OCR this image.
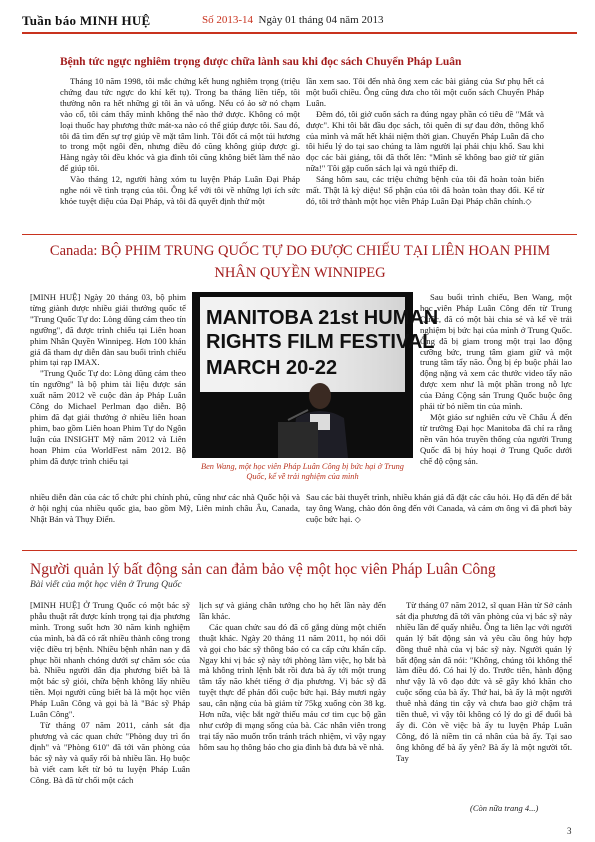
Tuần báo MINH HUỆ	Số 2013-14 Ngày 01 tháng 04 năm 2013
Bệnh tức ngực nghiêm trọng được chữa lành sau khi đọc sách Chuyển Pháp Luân

Tháng 10 năm 1998, tôi mắc chứng kết hung nghiêm trọng (triệu chứng đau tức ngực do khí kết tụ). Trong ba tháng liền tiếp, tôi thường nôn ra hết những gì tôi ăn và uống. Nếu có ảo sờ nó chạm vào cổ, tôi cảm thấy mình không thể nào thở được. Không có một loại thuốc hay phương thức mát-xa nào có thể giúp được tôi. Sau đó, tôi đã tìm đến sự trợ giúp về mặt tâm linh. Tôi đốt cả một túi hương to trong một ngôi đền, nhưng điều đó cũng không giúp được gì. Hàng ngày tôi đều khóc và gia đình tôi cũng không biết làm thế nào để giúp tôi.

Vào tháng 12, người hàng xóm tu luyện Pháp Luân Đại Pháp nghe nói về tình trạng của tôi. Ông kể với tôi về những lợi ích sức khỏe tuyệt diệu của Đại Pháp, và tôi đã quyết định thử một

lần xem sao. Tôi đến nhà ông xem các bài giảng của Sư phụ hết cả một buổi chiều. Ông cũng đưa cho tôi một cuốn sách Chuyển Pháp Luân.

Đêm đó, tôi giở cuốn sách ra đúng ngay phần có tiêu đề "Mất và được". Khi tôi bắt đầu đọc sách, tôi quên đi sự đau đớn, thông khổ của mình và mất hết khái niệm thời gian. Chuyển Pháp Luân đã cho tôi hiểu lý do tại sao chúng ta làm người lại phải chịu khổ. Sau khi đọc các bài giảng, tôi đã thốt lên: "Mình sẽ không bao giờ từ giãn nữa!" Tôi gặp cuốn sách lại và ngủ thiếp đi.

Sáng hôm sau, các triệu chứng bệnh của tôi đã hoàn toàn biến mất. Thật là kỳ diệu! Sổ phận của tôi đã hoàn toàn thay đổi. Kể từ đó, tôi trở thành một học viên Pháp Luân Đại Pháp chân chính.◇

Canada: BỘ PHIM TRUNG QUỐC TỰ DO ĐƯỢC CHIẾU TẠI LIÊN HOAN PHIM NHÂN QUYỀN WINNIPEG

[MINH HUỆ] Ngày 20 tháng 03, bộ phim từng giành được nhiều giải thưởng quốc tế "Trung Quốc Tự do: Lòng dũng cảm theo tín ngưỡng", đã được trình chiếu tại Liên hoan phim Nhân Quyền Winnipeg. Hơn 100 khán giả đã tham dự diễn đàn sau buổi trình chiếu phim tại rạp IMAX.

"Trung Quốc Tự do: Lòng dũng cảm theo tín ngưỡng" là bộ phim tài liệu được sản xuất năm 2012 về cuộc đàn áp Pháp Luân Công do Michael Perlman đạo diễn. Bộ phim đã đạt giải thưởng ở nhiều liên hoan phim, bao gồm Liên hoan Phim Tự do Ngôn luận của INSIGHT Mỹ năm 2012 và Liên hoan Phim của WorldFest năm 2012. Bộ phim đã được trình chiếu tại

MANITOBA 21st HUMAN
RIGHTS FILM FESTIVAL
MARCH 20-22
Ben Wang, một học viên Pháp Luân Công bị bức hại ở Trung Quốc, kể về trải nghiệm của mình

Sau buổi trình chiếu, Ben Wang, một học viên Pháp Luân Công đến từ Trung Quốc, đã có một bài chia sẻ và kể về trải nghiệm bị bức hại của mình ở Trung Quốc. Ông đã bị giam trong một trại lao động cưỡng bức, trung tâm giam giữ và một trung tâm tẩy não. Ông bị ép buộc phải lao động nặng và xem các thước video tẩy não được xem như là một phần trong nỗ lực của Đảng Cộng sản Trung Quốc buộc ông phải từ bỏ niềm tin của mình.

Một giáo sư nghiên cứu về Châu Á đến từ trường Đại học Manitoba đã chỉ ra rằng nền văn hóa truyền thống của người Trung Quốc đã bị hủy hoại ở Trung Quốc dưới chế độ cộng sản.

nhiều diễn đàn của các tổ chức phi chính phủ, cũng như các nhà Quốc hội và ở hội nghị của nhiều quốc gia, bao gồm Mỹ, Liên minh châu Âu, Canada, Nhật Bản và Thụy Điển.

Sau các bài thuyết trình, nhiều khán giả đã đặt các câu hỏi. Họ đã đến để bắt tay ông Wang, chào đón ông đến với Canada, và cảm ơn ông vì đã phơi bày cuộc bức hại. ◇

Người quản lý bất động sản can đảm bảo vệ một học viên Pháp Luân Công
Bài viết của một học viên ở Trung Quốc

[MINH HUỆ] Ở Trung Quốc có một bác sỹ phẫu thuật rất được kính trọng tại địa phương mình. Trong suốt hơn 30 năm kinh nghiệm của mình, bà đã có rất nhiều thành công trong việc điều trị bệnh. Nhiều bệnh nhân nan y đã phục hồi nhanh chóng dưới sự chăm sóc của bà. Nhiều người dân địa phương biết bà là một bác sỹ giỏi, chữa bệnh không lấy nhiều tiền. Mọi người cũng biết bà là một học viên Pháp Luân Công và gọi bà là "Bác sỹ Pháp Luân Công".

Từ tháng 07 năm 2011, cảnh sát địa phương và các quan chức "Phòng duy trì ổn định" và "Phòng 610" đã tới văn phòng của bác sỹ này và quấy rối bà nhiều lần. Họ buộc bà viết cam kết từ bỏ tu luyện Pháp Luân Công. Bà đã từ chối một cách

lịch sự và giảng chân tướng cho họ hết lần này đến lần khác.

Các quan chức sau đó đã cố gắng dùng một chiến thuật khác. Ngày 20 tháng 11 năm 2011, họ nói dối và gọi cho bác sỹ thông báo có ca cấp cứu khẩn cấp. Ngay khi vị bác sỹ này tới phòng làm việc, họ bắt bà mà không trình lệnh bắt rồi đưa bà ấy tới một trung tâm tẩy não khét tiếng ở địa phương. Vị bác sỹ đã tuyệt thực để phản đối cuộc bức hại. Bảy mươi ngày sau, cân nặng của bà giảm từ 75kg xuống còn 38 kg. Hơn nữa, việc bắt ngờ thiếu máu cơ tim cục bộ gần như cướp đi mạng sống của bà. Các nhân viên trong trại tẩy não muốn trốn tránh trách nhiệm, vì vậy ngay hôm sau họ thông báo cho gia đình bà đưa bà về nhà.

Từ tháng 07 năm 2012, sĩ quan Hàn từ Sở cảnh sát địa phương đã tới văn phòng của vị bác sỹ này nhiều lần để quấy nhiễu. Ông ta liên lạc với người quản lý bất động sản và yêu cầu ông hủy hợp đồng thuê nhà của vị bác sỹ này. Người quản lý bất động sản đã nói: "Không, chúng tôi không thể làm điều đó. Có hai lý do. Trước tiên, hành động như vậy là vô đạo đức và sẽ gây khó khăn cho cuộc sống của bà ấy. Thứ hai, bà ấy là một người thuê nhà đáng tin cậy và chưa bao giờ chậm trả tiền thuê, vì vậy tôi không có lý do gì để đuổi bà ấy đi. Còn về việc bà ấy tu luyện Pháp Luân Công, đó là niềm tin cá nhân của bà ấy. Tại sao ông không để bà ấy yên? Bà ấy là một người tốt. Tay

(Còn nữa trang 4...)
3
